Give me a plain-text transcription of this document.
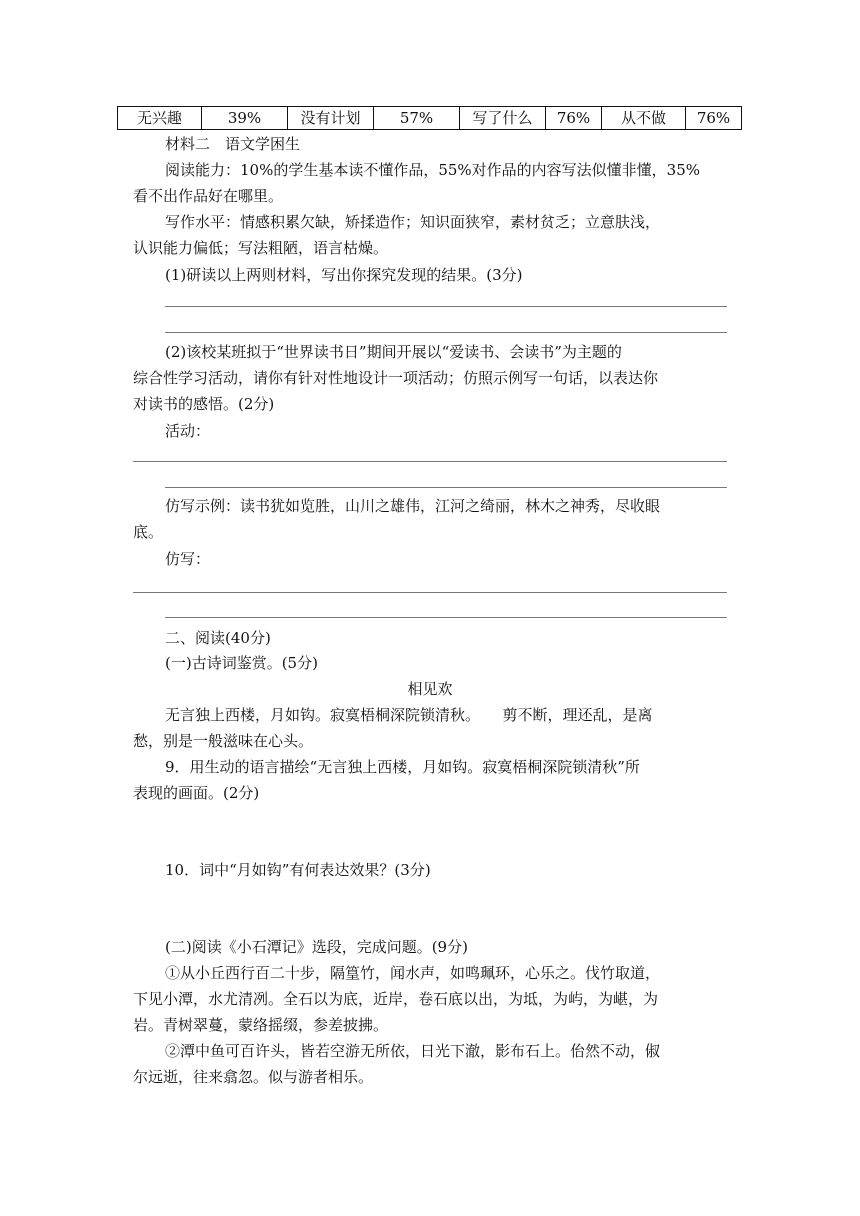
无兴趣	39%	没有计划	57%	写了什么	76%	从不做	76%
材料二　语文学困生
阅读能力：10%的学生基本读不懂作品，55%对作品的内容写法似懂非懂，35%
看不出作品好在哪里。
写作水平：情感积累欠缺，矫揉造作；知识面狭窄，素材贫乏；立意肤浅，
认识能力偏低；写法粗陋，语言枯燥。
(1)研读以上两则材料，写出你探究发现的结果。(3分)
(2)该校某班拟于“世界读书日”期间开展以“爱读书、会读书”为主题的
综合性学习活动，请你有针对性地设计一项活动；仿照示例写一句话，以表达你
对读书的感悟。(2分)
活动：
仿写示例：读书犹如览胜，山川之雄伟，江河之绮丽，林木之神秀，尽收眼
底。
仿写：
二、阅读(40分)
(一)古诗词鉴赏。(5分)
相见欢
无言独上西楼，月如钩。寂寞梧桐深院锁清秋。　　剪不断，理还乱，是离
愁，别是一般滋味在心头。
9．用生动的语言描绘“无言独上西楼，月如钩。寂寞梧桐深院锁清秋”所
表现的画面。(2分)
10．词中“月如钩”有何表达效果？(3分)
(二)阅读《小石潭记》选段，完成问题。(9分)
①从小丘西行百二十步，隔篁竹，闻水声，如鸣珮环，心乐之。伐竹取道，
下见小潭，水尤清冽。全石以为底，近岸，卷石底以出，为坻，为屿，为嵁，为
岩。青树翠蔓，蒙络摇缀，参差披拂。
②潭中鱼可百许头，皆若空游无所依，日光下澈，影布石上。佁然不动，俶
尔远逝，往来翕忽。似与游者相乐。
